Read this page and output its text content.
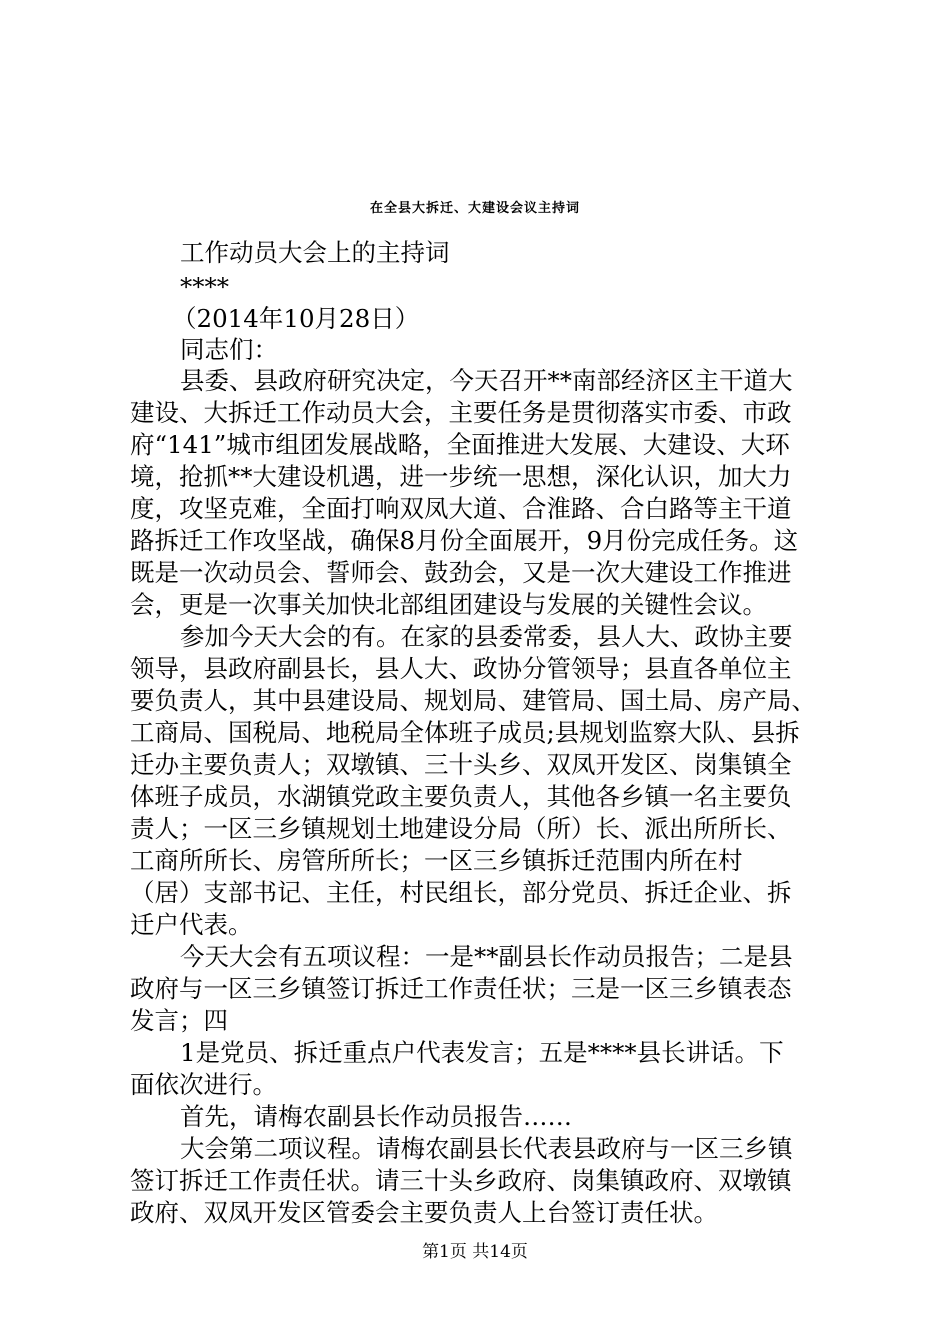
在全县大拆迁、大建设会议主持词
工作动员大会上的主持词
****
（2014年10月28日）
同志们：
县委、县政府研究决定，今天召开**南部经济区主干道大
建设、大拆迁工作动员大会，主要任务是贯彻落实市委、市政
府“141”城市组团发展战略，全面推进大发展、大建设、大环
境，抢抓**大建设机遇，进一步统一思想，深化认识，加大力
度，攻坚克难，全面打响双凤大道、合淮路、合白路等主干道
路拆迁工作攻坚战，确保8月份全面展开，9月份完成任务。这
既是一次动员会、誓师会、鼓劲会，又是一次大建设工作推进
会，更是一次事关加快北部组团建设与发展的关键性会议。
参加今天大会的有。在家的县委常委，县人大、政协主要
领导，县政府副县长，县人大、政协分管领导；县直各单位主
要负责人，其中县建设局、规划局、建管局、国土局、房产局、
工商局、国税局、地税局全体班子成员;县规划监察大队、县拆
迁办主要负责人；双墩镇、三十头乡、双凤开发区、岗集镇全
体班子成员，水湖镇党政主要负责人，其他各乡镇一名主要负
责人；一区三乡镇规划土地建设分局（所）长、派出所所长、
工商所所长、房管所所长；一区三乡镇拆迁范围内所在村
（居）支部书记、主任，村民组长，部分党员、拆迁企业、拆
迁户代表。
今天大会有五项议程：一是**副县长作动员报告；二是县
政府与一区三乡镇签订拆迁工作责任状；三是一区三乡镇表态
发言；四
1是党员、拆迁重点户代表发言；五是****县长讲话。下
面依次进行。
首先，请梅农副县长作动员报告……
大会第二项议程。请梅农副县长代表县政府与一区三乡镇
签订拆迁工作责任状。请三十头乡政府、岗集镇政府、双墩镇
政府、双凤开发区管委会主要负责人上台签订责任状。
第1页 共14页
